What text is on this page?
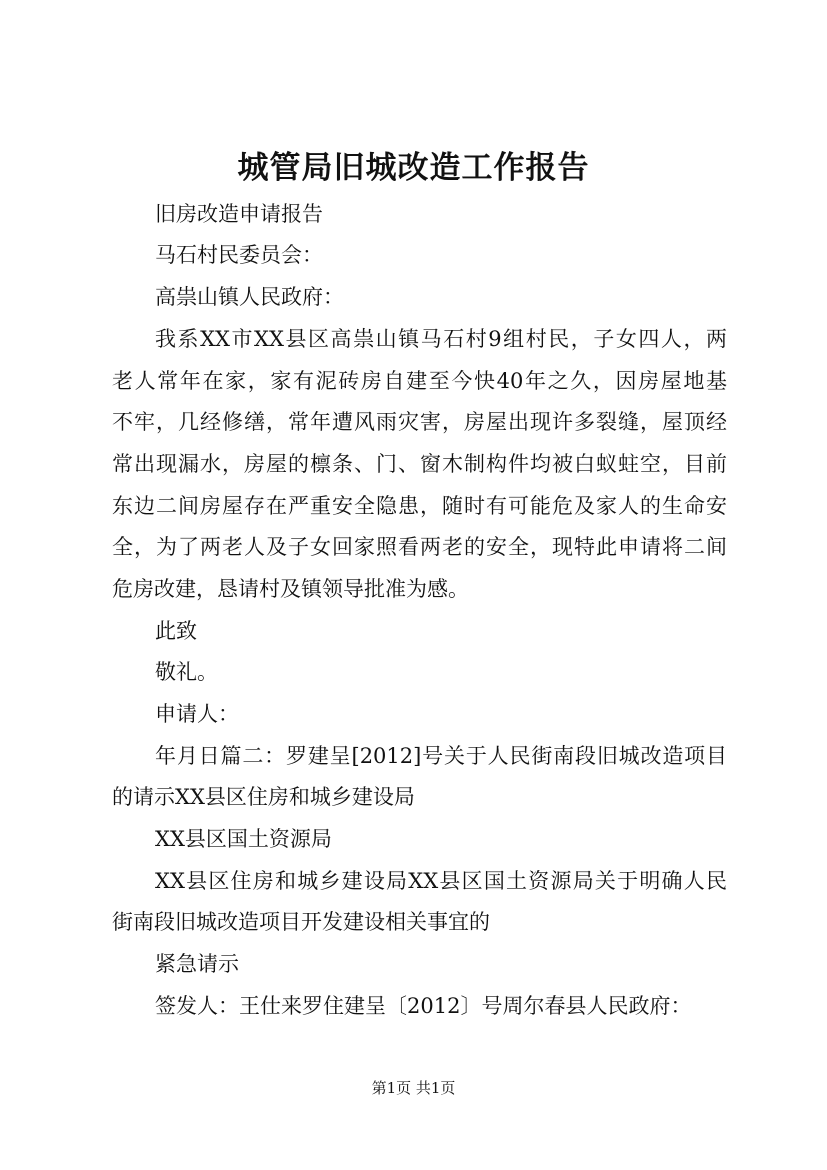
城管局旧城改造工作报告
旧房改造申请报告
马石村民委员会：
高祟山镇人民政府：
我系XX市XX县区高祟山镇马石村9组村民，子女四人，两
老人常年在家，家有泥砖房自建至今快40年之久，因房屋地基
不牢，几经修缮，常年遭风雨灾害，房屋出现许多裂缝，屋顶经
常出现漏水，房屋的檩条、门、窗木制构件均被白蚁蛀空，目前
东边二间房屋存在严重安全隐患，随时有可能危及家人的生命安
全，为了两老人及子女回家照看两老的安全，现特此申请将二间
危房改建，恳请村及镇领导批准为感。
此致
敬礼。
申请人：
年月日篇二：罗建呈[2012]号关于人民街南段旧城改造项目
的请示XX县区住房和城乡建设局
XX县区国土资源局
XX县区住房和城乡建设局XX县区国土资源局关于明确人民
街南段旧城改造项目开发建设相关事宜的
紧急请示
签发人：王仕来罗住建呈〔2012〕号周尔春县人民政府：
第1页 共1页
